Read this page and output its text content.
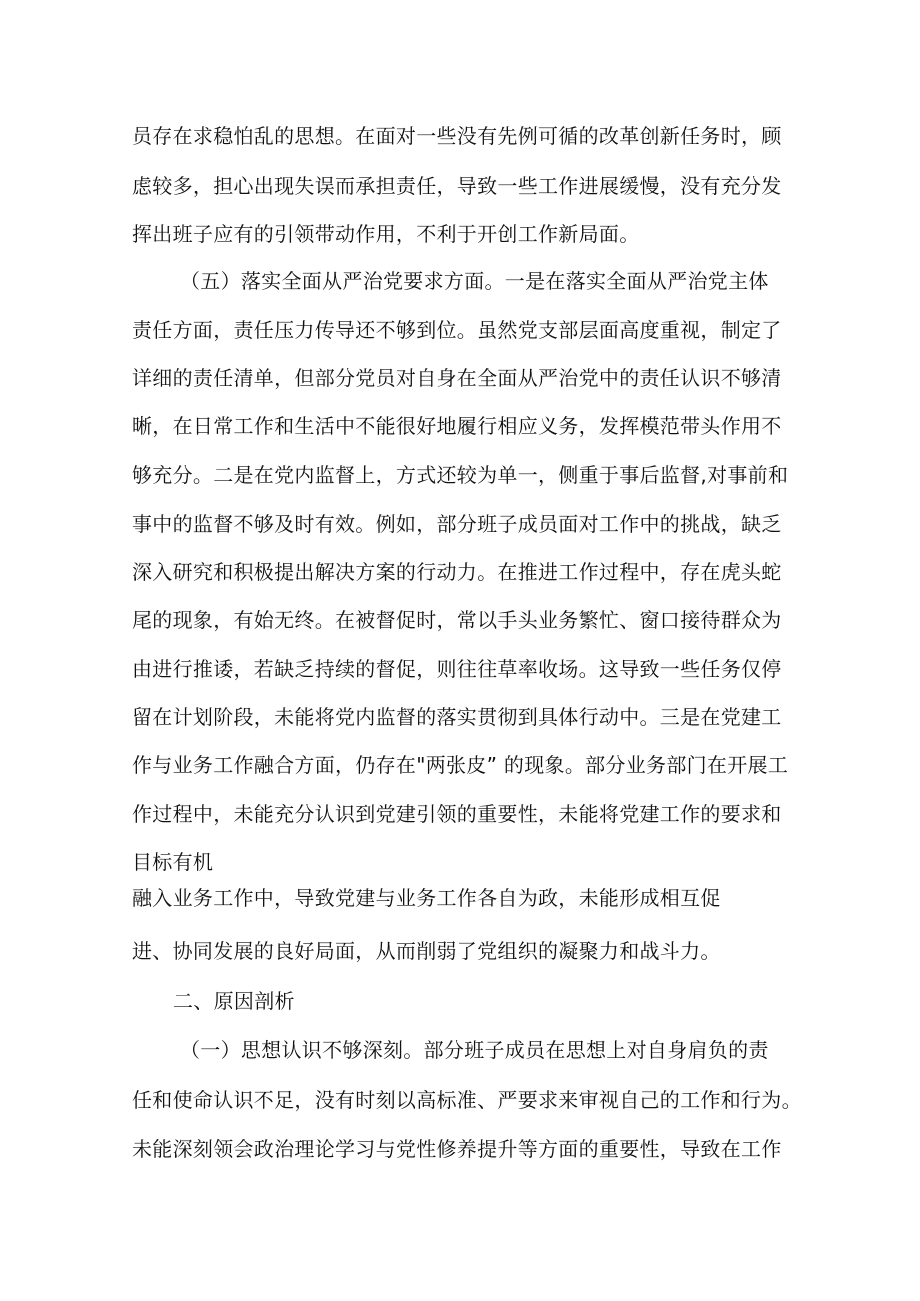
员存在求稳怕乱的思想。在面对一些没有先例可循的改革创新任务时，顾
虑较多，担心出现失误而承担责任，导致一些工作进展缓慢，没有充分发
挥出班子应有的引领带动作用，不利于开创工作新局面。
（五）落实全面从严治党要求方面。一是在落实全面从严治党主体
责任方面，责任压力传导还不够到位。虽然党支部层面高度重视，制定了
详细的责任清单，但部分党员对自身在全面从严治党中的责任认识不够清
晰，在日常工作和生活中不能很好地履行相应义务，发挥模范带头作用不
够充分。二是在党内监督上，方式还较为单一，侧重于事后监督,对事前和
事中的监督不够及时有效。例如，部分班子成员面对工作中的挑战，缺乏
深入研究和积极提出解决方案的行动力。在推进工作过程中，存在虎头蛇
尾的现象，有始无终。在被督促时，常以手头业务繁忙、窗口接待群众为
由进行推诿，若缺乏持续的督促，则往往草率收场。这导致一些任务仅停
留在计划阶段，未能将党内监督的落实贯彻到具体行动中。三是在党建工
作与业务工作融合方面，仍存在"两张皮” 的现象。部分业务部门在开展工
作过程中，未能充分认识到党建引领的重要性，未能将党建工作的要求和
目标有机
融入业务工作中，导致党建与业务工作各自为政，未能形成相互促
进、协同发展的良好局面，从而削弱了党组织的凝聚力和战斗力。
二、原因剖析
（一）思想认识不够深刻。部分班子成员在思想上对自身肩负的责
任和使命认识不足，没有时刻以高标准、严要求来审视自己的工作和行为。
未能深刻领会政治理论学习与党性修养提升等方面的重要性，导致在工作
